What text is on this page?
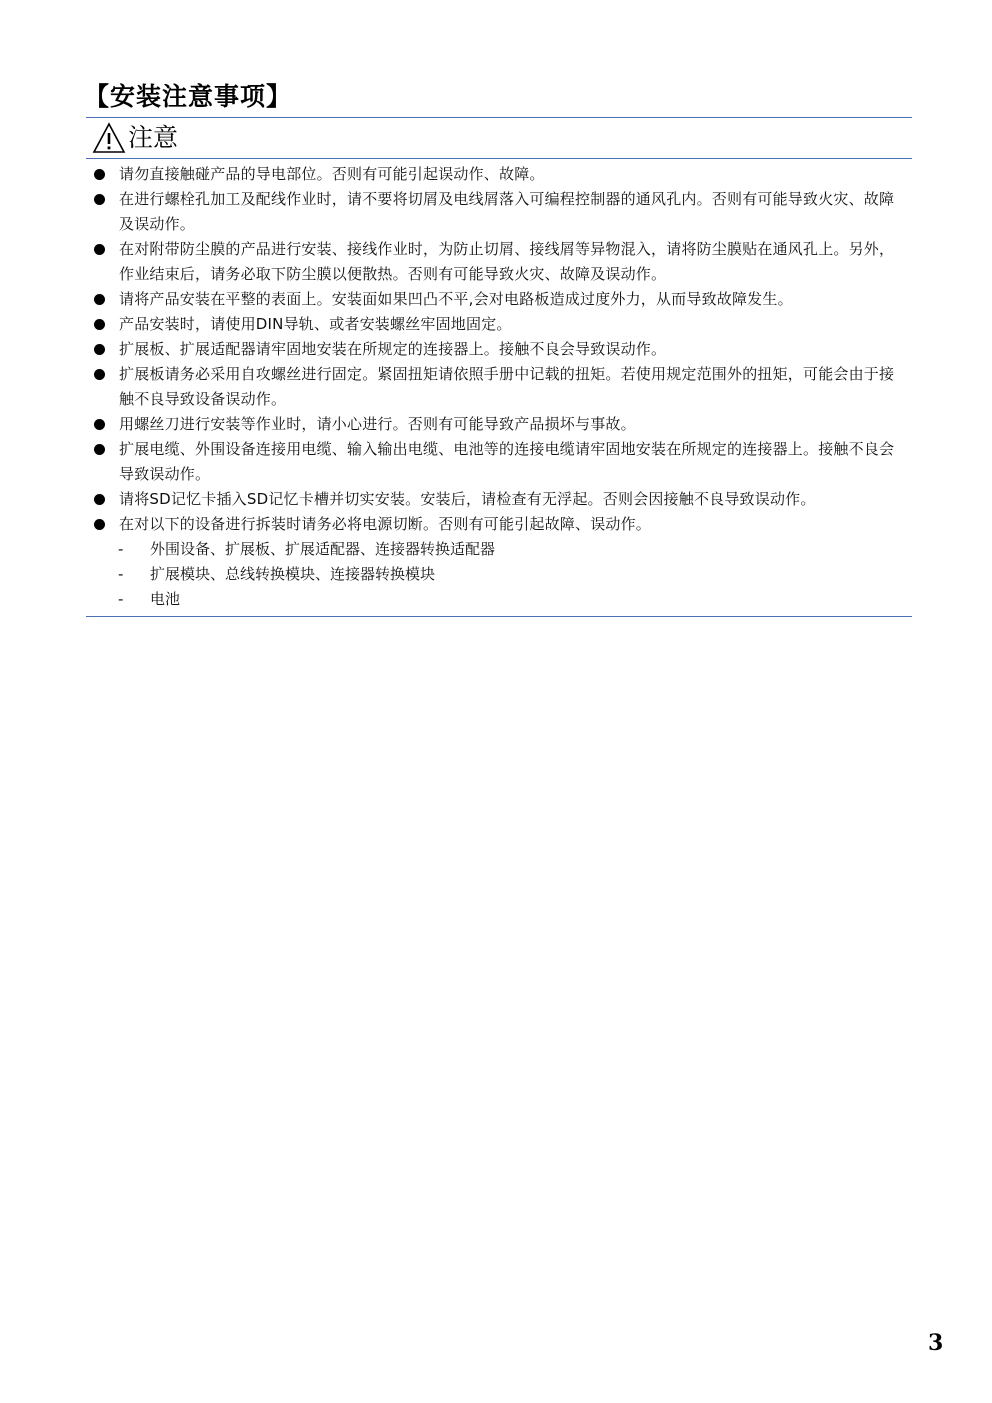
【安装注意事项】
注意
请勿直接触碰产品的导电部位。否则有可能引起误动作、故障。
在进行螺栓孔加工及配线作业时，请不要将切屑及电线屑落入可编程控制器的通风孔内。否则有可能导致火灾、故障及误动作。
在对附带防尘膜的产品进行安装、接线作业时，为防止切屑、接线屑等异物混入，请将防尘膜贴在通风孔上。另外，作业结束后，请务必取下防尘膜以便散热。否则有可能导致火灾、故障及误动作。
请将产品安装在平整的表面上。安装面如果凹凸不平,会对电路板造成过度外力，从而导致故障发生。
产品安装时，请使用DIN导轨、或者安装螺丝牢固地固定。
扩展板、扩展适配器请牢固地安装在所规定的连接器上。接触不良会导致误动作。
扩展板请务必采用自攻螺丝进行固定。紧固扭矩请依照手册中记载的扭矩。若使用规定范围外的扭矩，可能会由于接触不良导致设备误动作。
用螺丝刀进行安装等作业时，请小心进行。否则有可能导致产品损坏与事故。
扩展电缆、外围设备连接用电缆、输入输出电缆、电池等的连接电缆请牢固地安装在所规定的连接器上。接触不良会导致误动作。
请将SD记忆卡插入SD记忆卡槽并切实安装。安装后，请检查有无浮起。否则会因接触不良导致误动作。
在对以下的设备进行拆装时请务必将电源切断。否则有可能引起故障、误动作。
- 外围设备、扩展板、扩展适配器、连接器转换适配器
- 扩展模块、总线转换模块、连接器转换模块
- 电池
3
